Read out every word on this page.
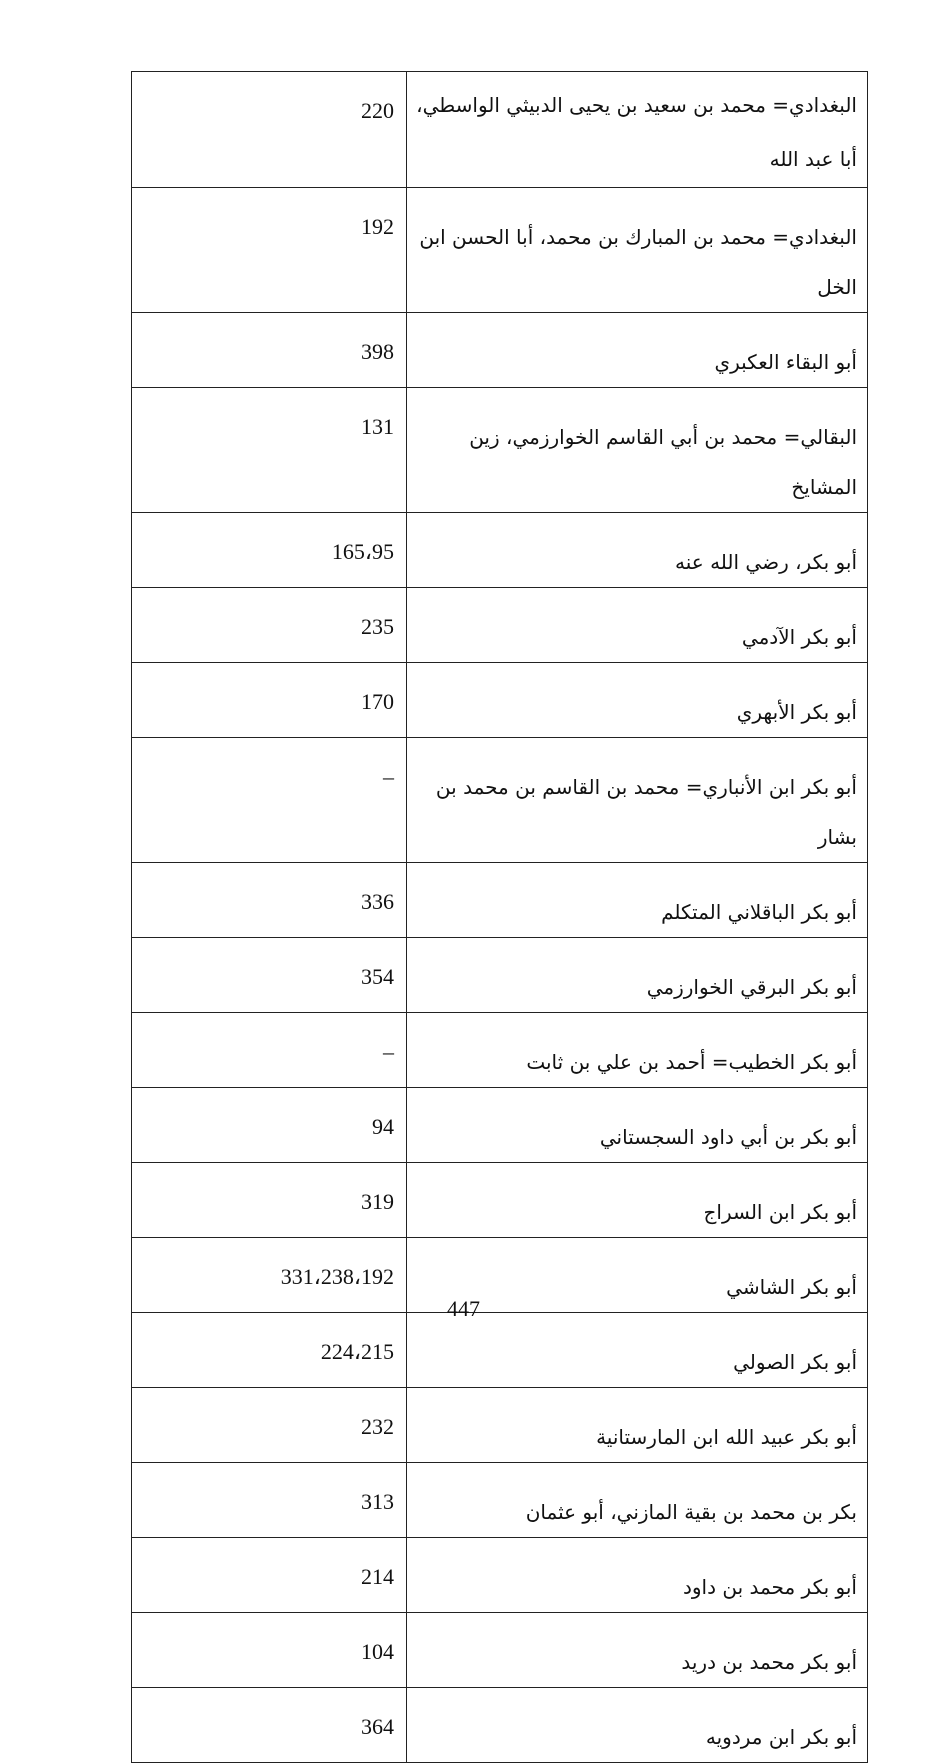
220	البغدادي= محمد بن سعيد بن يحيى الدبيثي الواسطي، أبا عبد الله

192	البغدادي= محمد بن المبارك بن محمد، أبا الحسن ابن الخل

398	أبو البقاء العكبري

131	البقالي= محمد بن أبي القاسم الخوارزمي، زين المشايخ

165،95	أبو بكر، رضي الله عنه

235	أبو بكر الآدمي

170	أبو بكر الأبهري

–	أبو بكر ابن الأنباري= محمد بن القاسم بن محمد بن بشار

336	أبو بكر الباقلاني المتكلم

354	أبو بكر البرقي الخوارزمي

–	أبو بكر الخطيب= أحمد بن علي بن ثابت

94	أبو بكر بن أبي داود السجستاني

319	أبو بكر ابن السراج

331،238،192	أبو بكر الشاشي

224،215	أبو بكر الصولي

232	أبو بكر عبيد الله ابن المارستانية

313	بكر بن محمد بن بقية المازني، أبو عثمان

214	أبو بكر محمد بن داود

104	أبو بكر محمد بن دريد

364	أبو بكر ابن مردويه
447
